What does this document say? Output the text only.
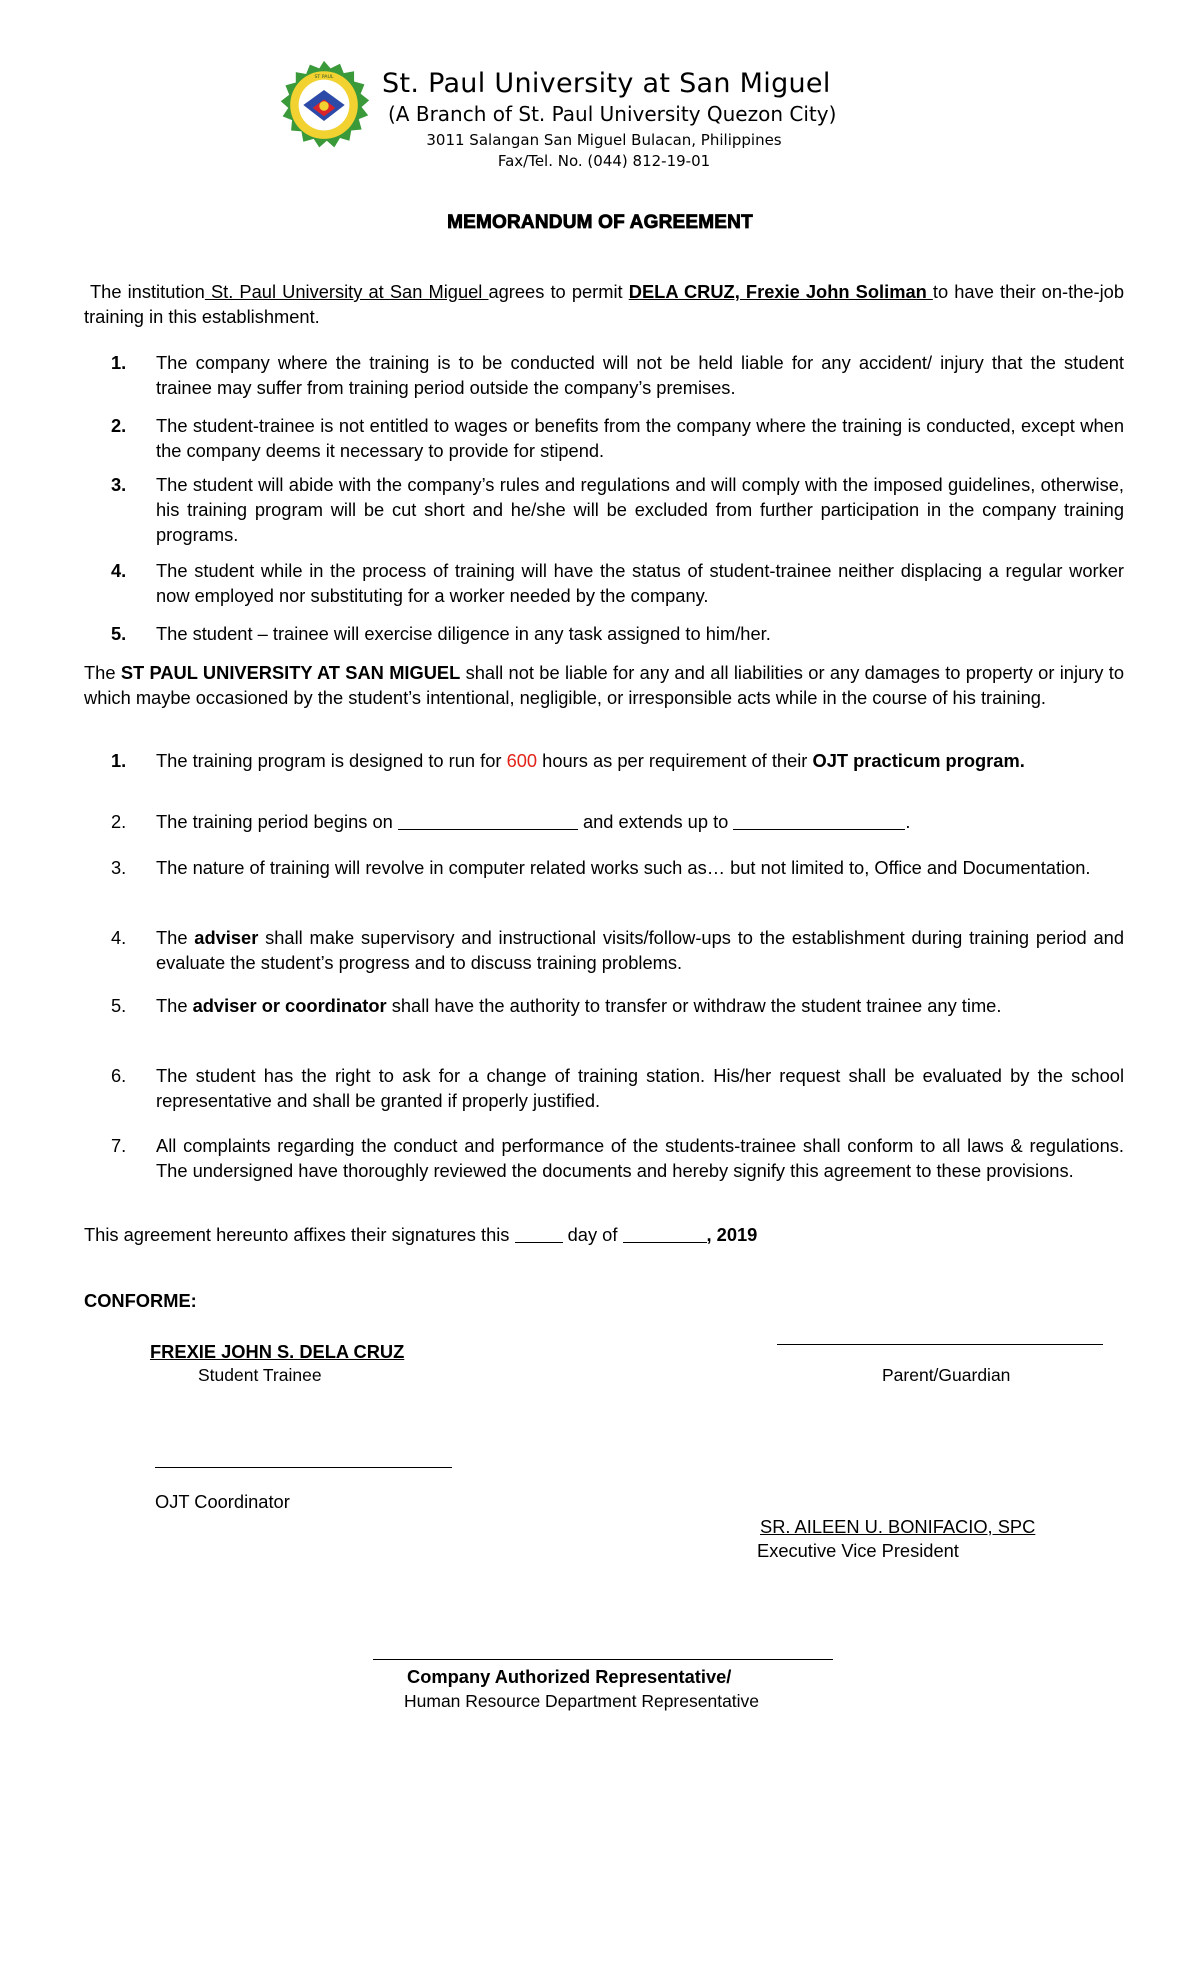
ST PAUL St. Paul University at San Miguel
(A Branch of St. Paul University Quezon City)
3011 Salangan San Miguel Bulacan, Philippines
Fax/Tel. No. (044) 812-19-01
MEMORANDUM OF AGREEMENT
The institution St. Paul University at San Miguel agrees to permit DELA CRUZ, Frexie John Soliman to have their on-the-job training in this establishment.
1.	The company where the training is to be conducted will not be held liable for any accident/ injury that the student trainee may suffer from training period outside the company’s premises.
2.	The student-trainee is not entitled to wages or benefits from the company where the training is conducted, except when the company deems it necessary to provide for stipend.
3.	The student will abide with the company’s rules and regulations and will comply with the imposed guidelines, otherwise, his training program will be cut short and he/she will be excluded from further participation in the company training programs.
4.	The student while in the process of training will have the status of student-trainee neither displacing a regular worker now employed nor substituting for a worker needed by the company.
5.	The student – trainee will exercise diligence in any task assigned to him/her.
The ST PAUL UNIVERSITY AT SAN MIGUEL shall not be liable for any and all liabilities or any damages to property or injury to which maybe occasioned by the student’s intentional, negligible, or irresponsible acts while in the course of his training.
1.	The training program is designed to run for 600 hours as per requirement of their OJT practicum program.
2.	The training period begins on	and extends up to	.
3.	The nature of training will revolve in computer related works such as… but not limited to, Office and Documentation.
4.	The adviser shall make supervisory and instructional visits/follow-ups to the establishment during training period and evaluate the student’s progress and to discuss training problems.
5.	The adviser or coordinator shall have the authority to transfer or withdraw the student trainee any time.
6.	The student has the right to ask for a change of training station. His/her request shall be evaluated by the school representative and shall be granted if properly justified.
7.	All complaints regarding the conduct and performance of the students-trainee shall conform to all laws & regulations. The undersigned have thoroughly reviewed the documents and hereby signify this agreement to these provisions.
This agreement hereunto affixes their signatures this	day of	, 2019
CONFORME:
FREXIE JOHN S. DELA CRUZ
Student Trainee	Parent/Guardian
OJT Coordinator
SR. AILEEN U. BONIFACIO, SPC
Executive Vice President
Company Authorized Representative/
Human Resource Department Representative
